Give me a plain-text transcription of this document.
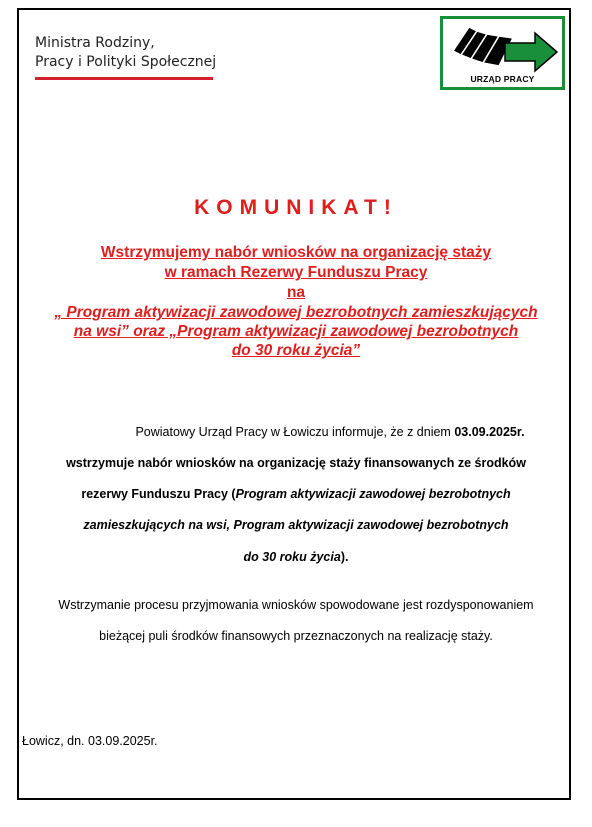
Ministra Rodziny,
Pracy i Polityki Społecznej
URZĄD PRACY
KOMUNIKAT!
Wstrzymujemy nabór wniosków na organizację staży
w ramach Rezerwy Funduszu Pracy
na
„ Program aktywizacji zawodowej bezrobotnych zamieszkujących
na wsi” oraz „Program aktywizacji zawodowej bezrobotnych
do 30 roku życia”
Powiatowy Urząd Pracy w Łowiczu informuje, że z dniem 03.09.2025r.
wstrzymuje nabór wniosków na organizację staży finansowanych ze środków
rezerwy Funduszu Pracy (Program aktywizacji zawodowej bezrobotnych
zamieszkujących na wsi, Program aktywizacji zawodowej bezrobotnych
do 30 roku życia).
Wstrzymanie procesu przyjmowania wniosków spowodowane jest rozdysponowaniem
bieżącej puli środków finansowych przeznaczonych na realizację staży.
Łowicz, dn. 03.09.2025r.
